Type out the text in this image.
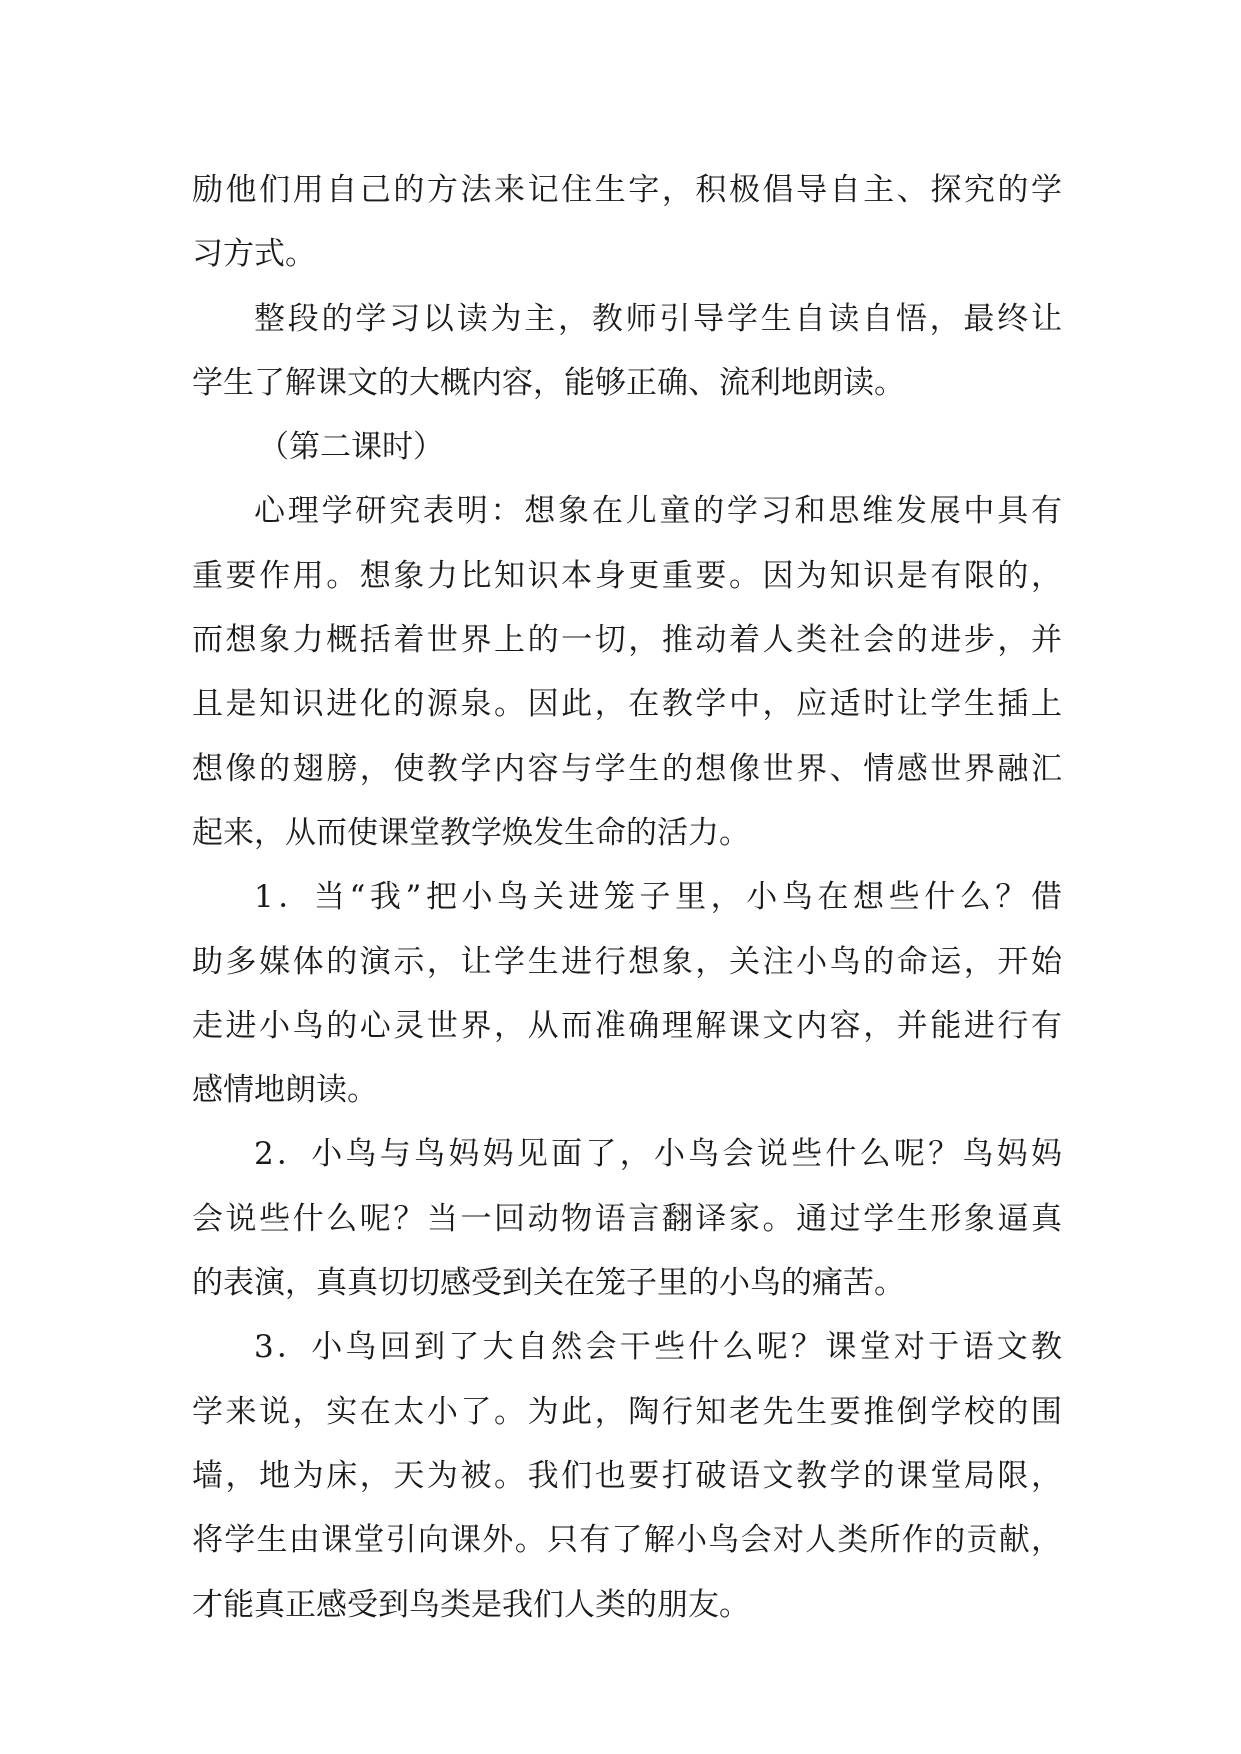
励他们用自己的方法来记住生字，积极倡导自主、探究的学
习方式。
整段的学习以读为主，教师引导学生自读自悟，最终让
学生了解课文的大概内容，能够正确、流利地朗读。
（第二课时）
心理学研究表明：想象在儿童的学习和思维发展中具有
重要作用。想象力比知识本身更重要。因为知识是有限的，
而想象力概括着世界上的一切，推动着人类社会的进步，并
且是知识进化的源泉。因此，在教学中，应适时让学生插上
想像的翅膀，使教学内容与学生的想像世界、情感世界融汇
起来，从而使课堂教学焕发生命的活力。
1．当“我”把小鸟关进笼子里，小鸟在想些什么？借
助多媒体的演示，让学生进行想象，关注小鸟的命运，开始
走进小鸟的心灵世界，从而准确理解课文内容，并能进行有
感情地朗读。
2．小鸟与鸟妈妈见面了，小鸟会说些什么呢？鸟妈妈
会说些什么呢？当一回动物语言翻译家。通过学生形象逼真
的表演，真真切切感受到关在笼子里的小鸟的痛苦。
3．小鸟回到了大自然会干些什么呢？课堂对于语文教
学来说，实在太小了。为此，陶行知老先生要推倒学校的围
墙，地为床，天为被。我们也要打破语文教学的课堂局限，
将学生由课堂引向课外。只有了解小鸟会对人类所作的贡献，
才能真正感受到鸟类是我们人类的朋友。
